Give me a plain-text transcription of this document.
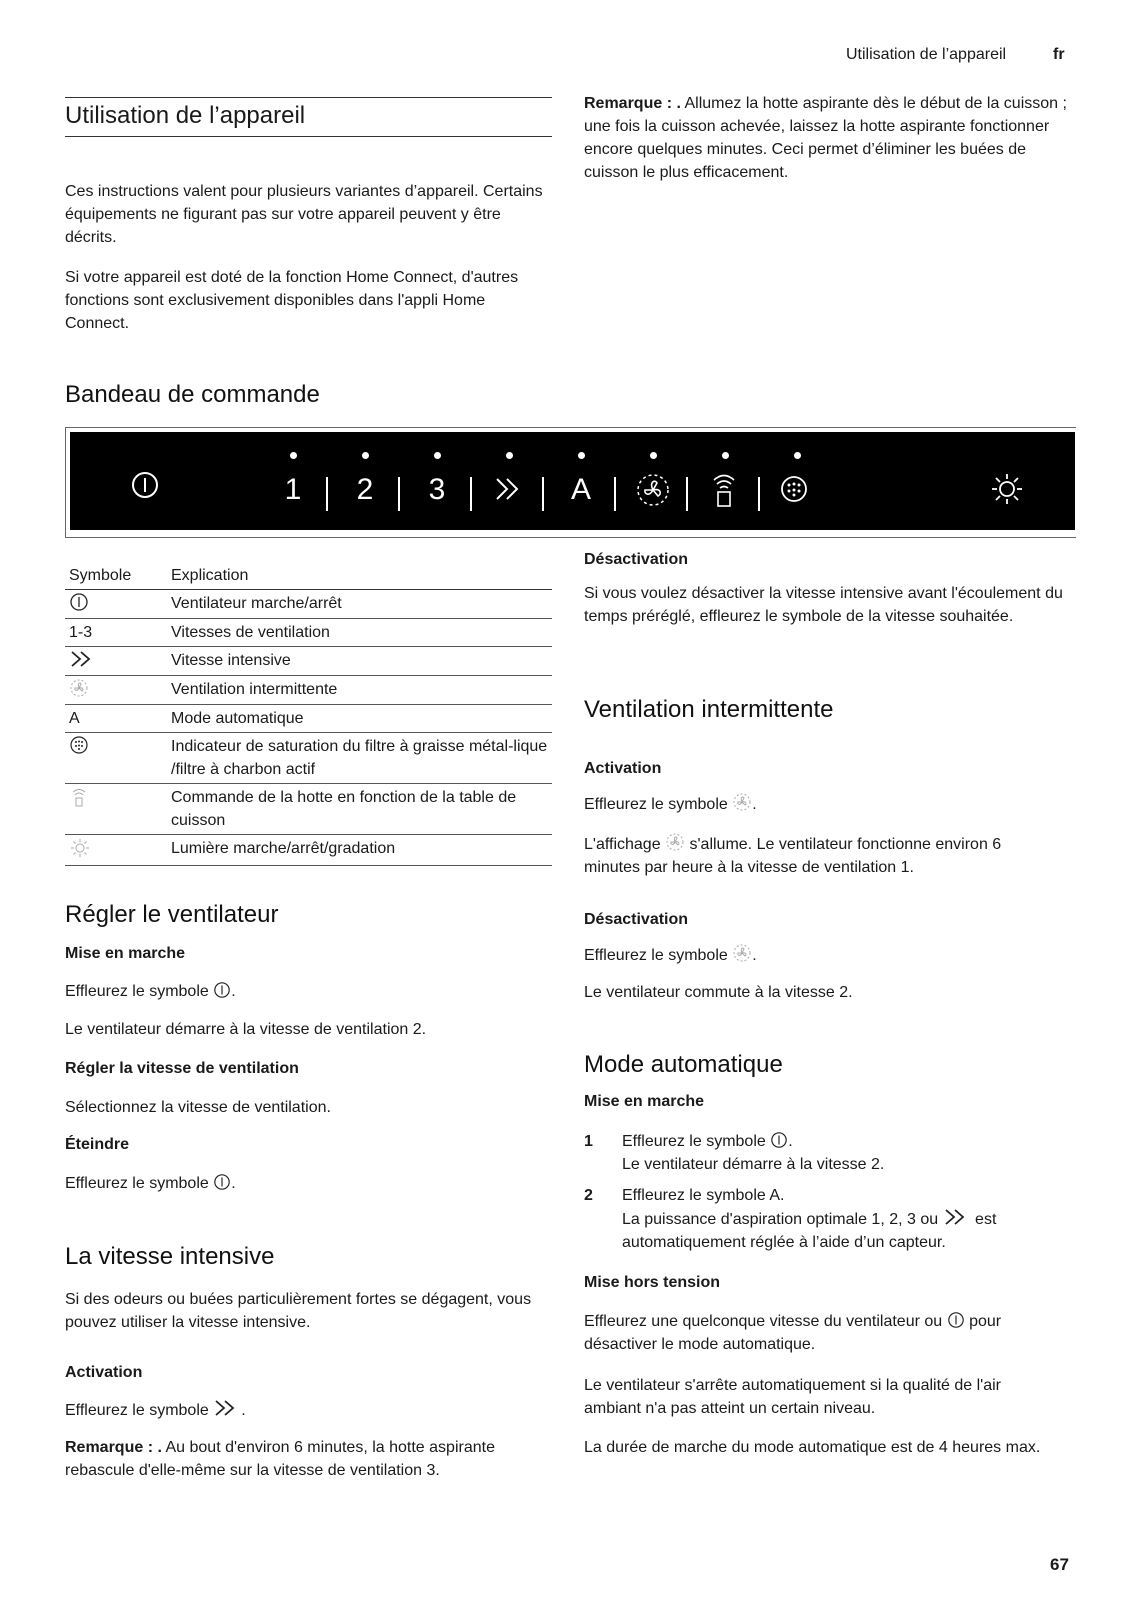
Utilisation de l’appareil	fr
Utilisation de l’appareil

Ces instructions valent pour plusieurs variantes d’appareil. Certains équipements ne figurant pas sur votre appareil peuvent y être décrits.

Si votre appareil est doté de la fonction Home Connect, d'autres fonctions sont exclusivement disponibles dans l'appli Home Connect.

Remarque : . Allumez la hotte aspirante dès le début de la cuisson ; une fois la cuisson achevée, laissez la hotte aspirante fonctionner encore quelques minutes. Ceci permet d’éliminer les buées de cuisson le plus efficacement.

Bandeau de commande
1 2 3	A
Symbole	Explication

	Ventilateur marche/arrêt
1-3	Vitesses de ventilation

	Vitesse intensive

	Ventilation intermittente
A	Mode automatique

	Indicateur de saturation du filtre à graisse métal-lique /filtre à charbon actif

	Commande de la hotte en fonction de la table de cuisson

	Lumière marche/arrêt/gradation
Régler le ventilateur
Mise en marche

Effleurez le symbole
.

Le ventilateur démarre à la vitesse de ventilation 2.

Régler la vitesse de ventilation

Sélectionnez la vitesse de ventilation.

Éteindre

Effleurez le symbole
.

La vitesse intensive

Si des odeurs ou buées particulièrement fortes se dégagent, vous pouvez utiliser la vitesse intensive.

Activation

Effleurez le symbole
.

Remarque : . Au bout d'environ 6 minutes, la hotte aspirante rebascule d'elle-même sur la vitesse de ventilation 3.

Désactivation

Si vous voulez désactiver la vitesse intensive avant l'écoulement du temps préréglé, effleurez le symbole de la vitesse souhaitée.

Ventilation intermittente
Activation

Effleurez le symbole
.

L'affichage
s'allume. Le ventilateur fonctionne environ 6 minutes par heure à la vitesse de ventilation 1.

Désactivation

Effleurez le symbole
.

Le ventilateur commute à la vitesse 2.

Mode automatique
Mise en marche
1 Effleurez le symbole
.
Le ventilateur démarre à la vitesse 2.
2 Effleurez le symbole A.
La puissance d'aspiration optimale 1, 2, 3 ou
est automatiquement réglée à l’aide d’un capteur.
Mise hors tension

Effleurez une quelconque vitesse du ventilateur ou
pour désactiver le mode automatique.

Le ventilateur s'arrête automatiquement si la qualité de l'air ambiant n'a pas atteint un certain niveau.

La durée de marche du mode automatique est de 4 heures max.

67
